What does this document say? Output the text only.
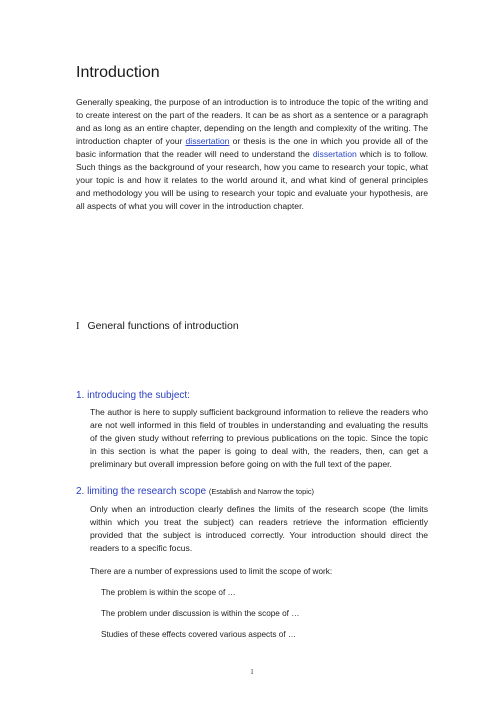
Introduction

Generally speaking, the purpose of an introduction is to introduce the topic of the writing and to create interest on the part of the readers. It can be as short as a sentence or a paragraph and as long as an entire chapter, depending on the length and complexity of the writing. The introduction chapter of your dissertation or thesis is the one in which you provide all of the basic information that the reader will need to understand the dissertation which is to follow. Such things as the background of your research, how you came to research your topic, what your topic is and how it relates to the world around it, and what kind of general principles and methodology you will be using to research your topic and evaluate your hypothesis, are all aspects of what you will cover in the introduction chapter.

I General functions of introduction
1. introducing the subject:

The author is here to supply sufficient background information to relieve the readers who are not well informed in this field of troubles in understanding and evaluating the results of the given study without referring to previous publications on the topic. Since the topic in this section is what the paper is going to deal with, the readers, then, can get a preliminary but overall impression before going on with the full text of the paper.

2. limiting the research scope (Establish and Narrow the topic)

Only when an introduction clearly defines the limits of the research scope (the limits within which you treat the subject) can readers retrieve the information efficiently provided that the subject is introduced correctly. Your introduction should direct the readers to a specific focus.

There are a number of expressions used to limit the scope of work:
The problem is within the scope of …
The problem under discussion is within the scope of …
Studies of these effects covered various aspects of …
1
